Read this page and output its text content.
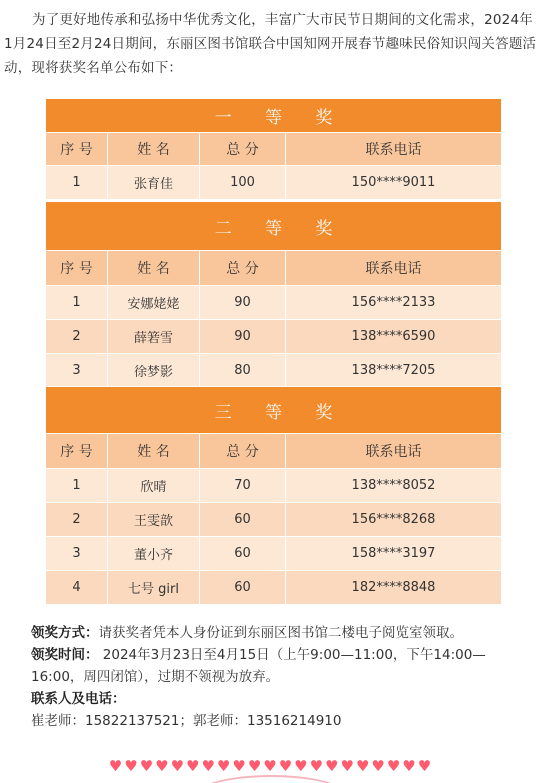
为了更好地传承和弘扬中华优秀文化，丰富广大市民节日期间的文化需求，2024年1月24日至2月24日期间，东丽区图书馆联合中国知网开展春节趣味民俗知识闯关答题活动，现将获奖名单公布如下：
一 等 奖			
序 号	姓 名	总 分	联系电话
1	张育佳	100	150****9011
二 等 奖			
序 号	姓 名	总 分	联系电话
1	安娜姥姥	90	156****2133
2	薛箬雪	90	138****6590
3	徐梦影	80	138****7205
三 等 奖			
序 号	姓 名	总 分	联系电话
1	欣晴	70	138****8052
2	王雯歆	60	156****8268
3	董小齐	60	158****3197
4	七号 girl	60	182****8848

领奖方式：请获奖者凭本人身份证到东丽区图书馆二楼电子阅览室领取。

领奖时间： 2024年3月23日至4月15日（上午9:00—11:00，下午14:00—16:00，周四闭馆），过期不领视为放弃。

联系人及电话：

崔老师：15822137521；郭老师：13516214910

♥♥♥♥♥♥♥♥♥♥♥♥♥♥♥♥♥♥♥♥♥
